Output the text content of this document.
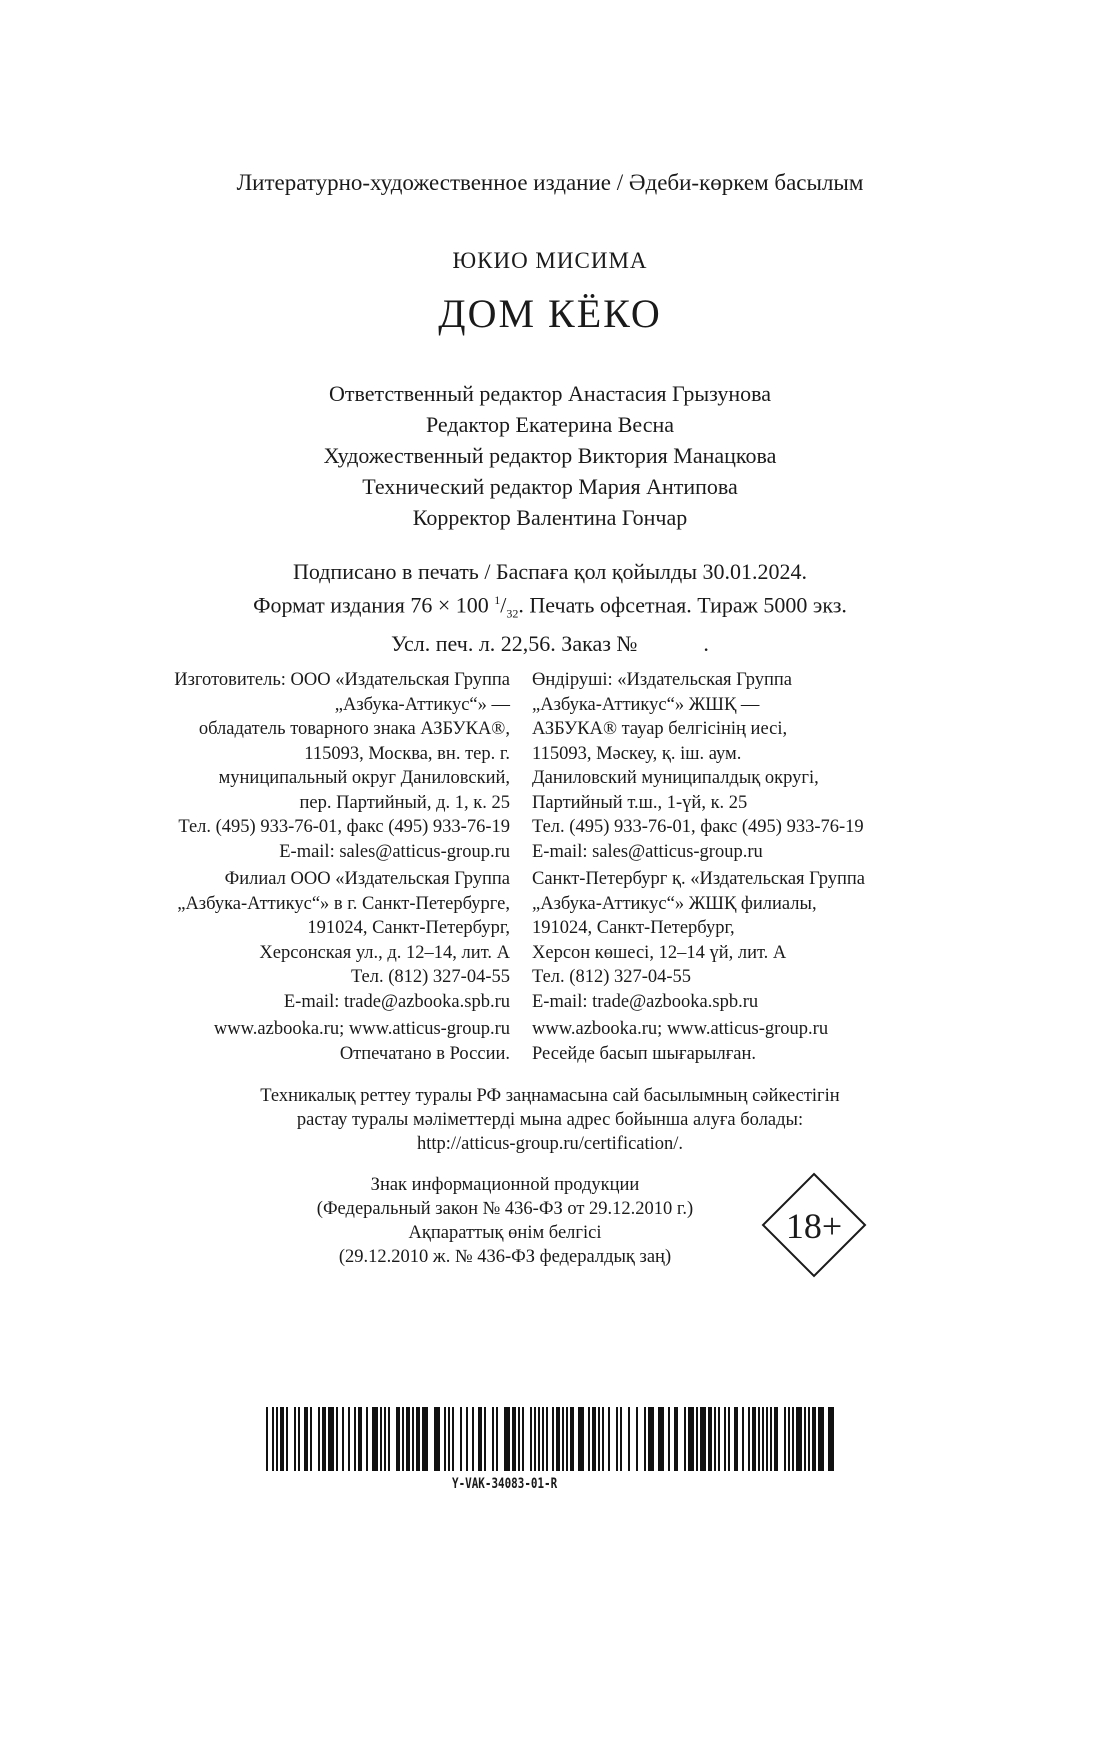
Литературно-художественное издание / Әдеби-көркем басылым
ЮКИО МИСИМА
ДОМ КЁКО
Ответственный редактор Анастасия Грызунова
Редактор Екатерина Весна
Художественный редактор Виктория Манацкова
Технический редактор Мария Антипова
Корректор Валентина Гончар
Подписано в печать / Баспаға қол қойылды 30.01.2024.
Формат издания 76 × 100 $^1/_{32}$. Печать офсетная. Тираж 5000 экз.
Усл. печ. л. 22,56. Заказ №            .
Изготовитель: ООО «Издательская Группа
„Азбука-Аттикус“» —
обладатель товарного знака АЗБУКА®,
115093, Москва, вн. тер. г.
муниципальный округ Даниловский,
пер. Партийный, д. 1, к. 25
Тел. (495) 933-76-01, факс (495) 933-76-19
E-mail: sales@atticus-group.ru
Өндіруші: «Издательская Группа
„Азбука-Аттикус“» ЖШҚ —
АЗБУКА® тауар белгісінің иесі,
115093, Мәскеу, қ. іш. аум.
Даниловский муниципалдық округі,
Партийный т.ш., 1-үй, к. 25
Тел. (495) 933-76-01, факс (495) 933-76-19
E-mail: sales@atticus-group.ru
Филиал ООО «Издательская Группа
„Азбука-Аттикус“» в г. Санкт-Петербурге,
191024, Санкт-Петербург,
Херсонская ул., д. 12–14, лит. А
Тел. (812) 327-04-55
E-mail: trade@azbooka.spb.ru
Санкт-Петербург қ. «Издательская Группа
„Азбука-Аттикус“» ЖШҚ филиалы,
191024, Санкт-Петербург,
Херсон көшесі, 12–14 үй, лит. А
Тел. (812) 327-04-55
E-mail: trade@azbooka.spb.ru
www.azbooka.ru; www.atticus-group.ru
Отпечатано в России.
www.azbooka.ru; www.atticus-group.ru
Ресейде басып шығарылған.
Техникалық реттеу туралы РФ заңнамасына сай басылымның сәйкестігін
растау туралы мәліметтерді мына адрес бойынша алуға болады:
http://atticus-group.ru/certification/.
Знак информационной продукции
(Федеральный закон № 436-ФЗ от 29.12.2010 г.)
Ақпараттық өнім белгісі
(29.12.2010 ж. № 436-ФЗ федералдық заң)
18+
Y-VAK-34083-01-R
